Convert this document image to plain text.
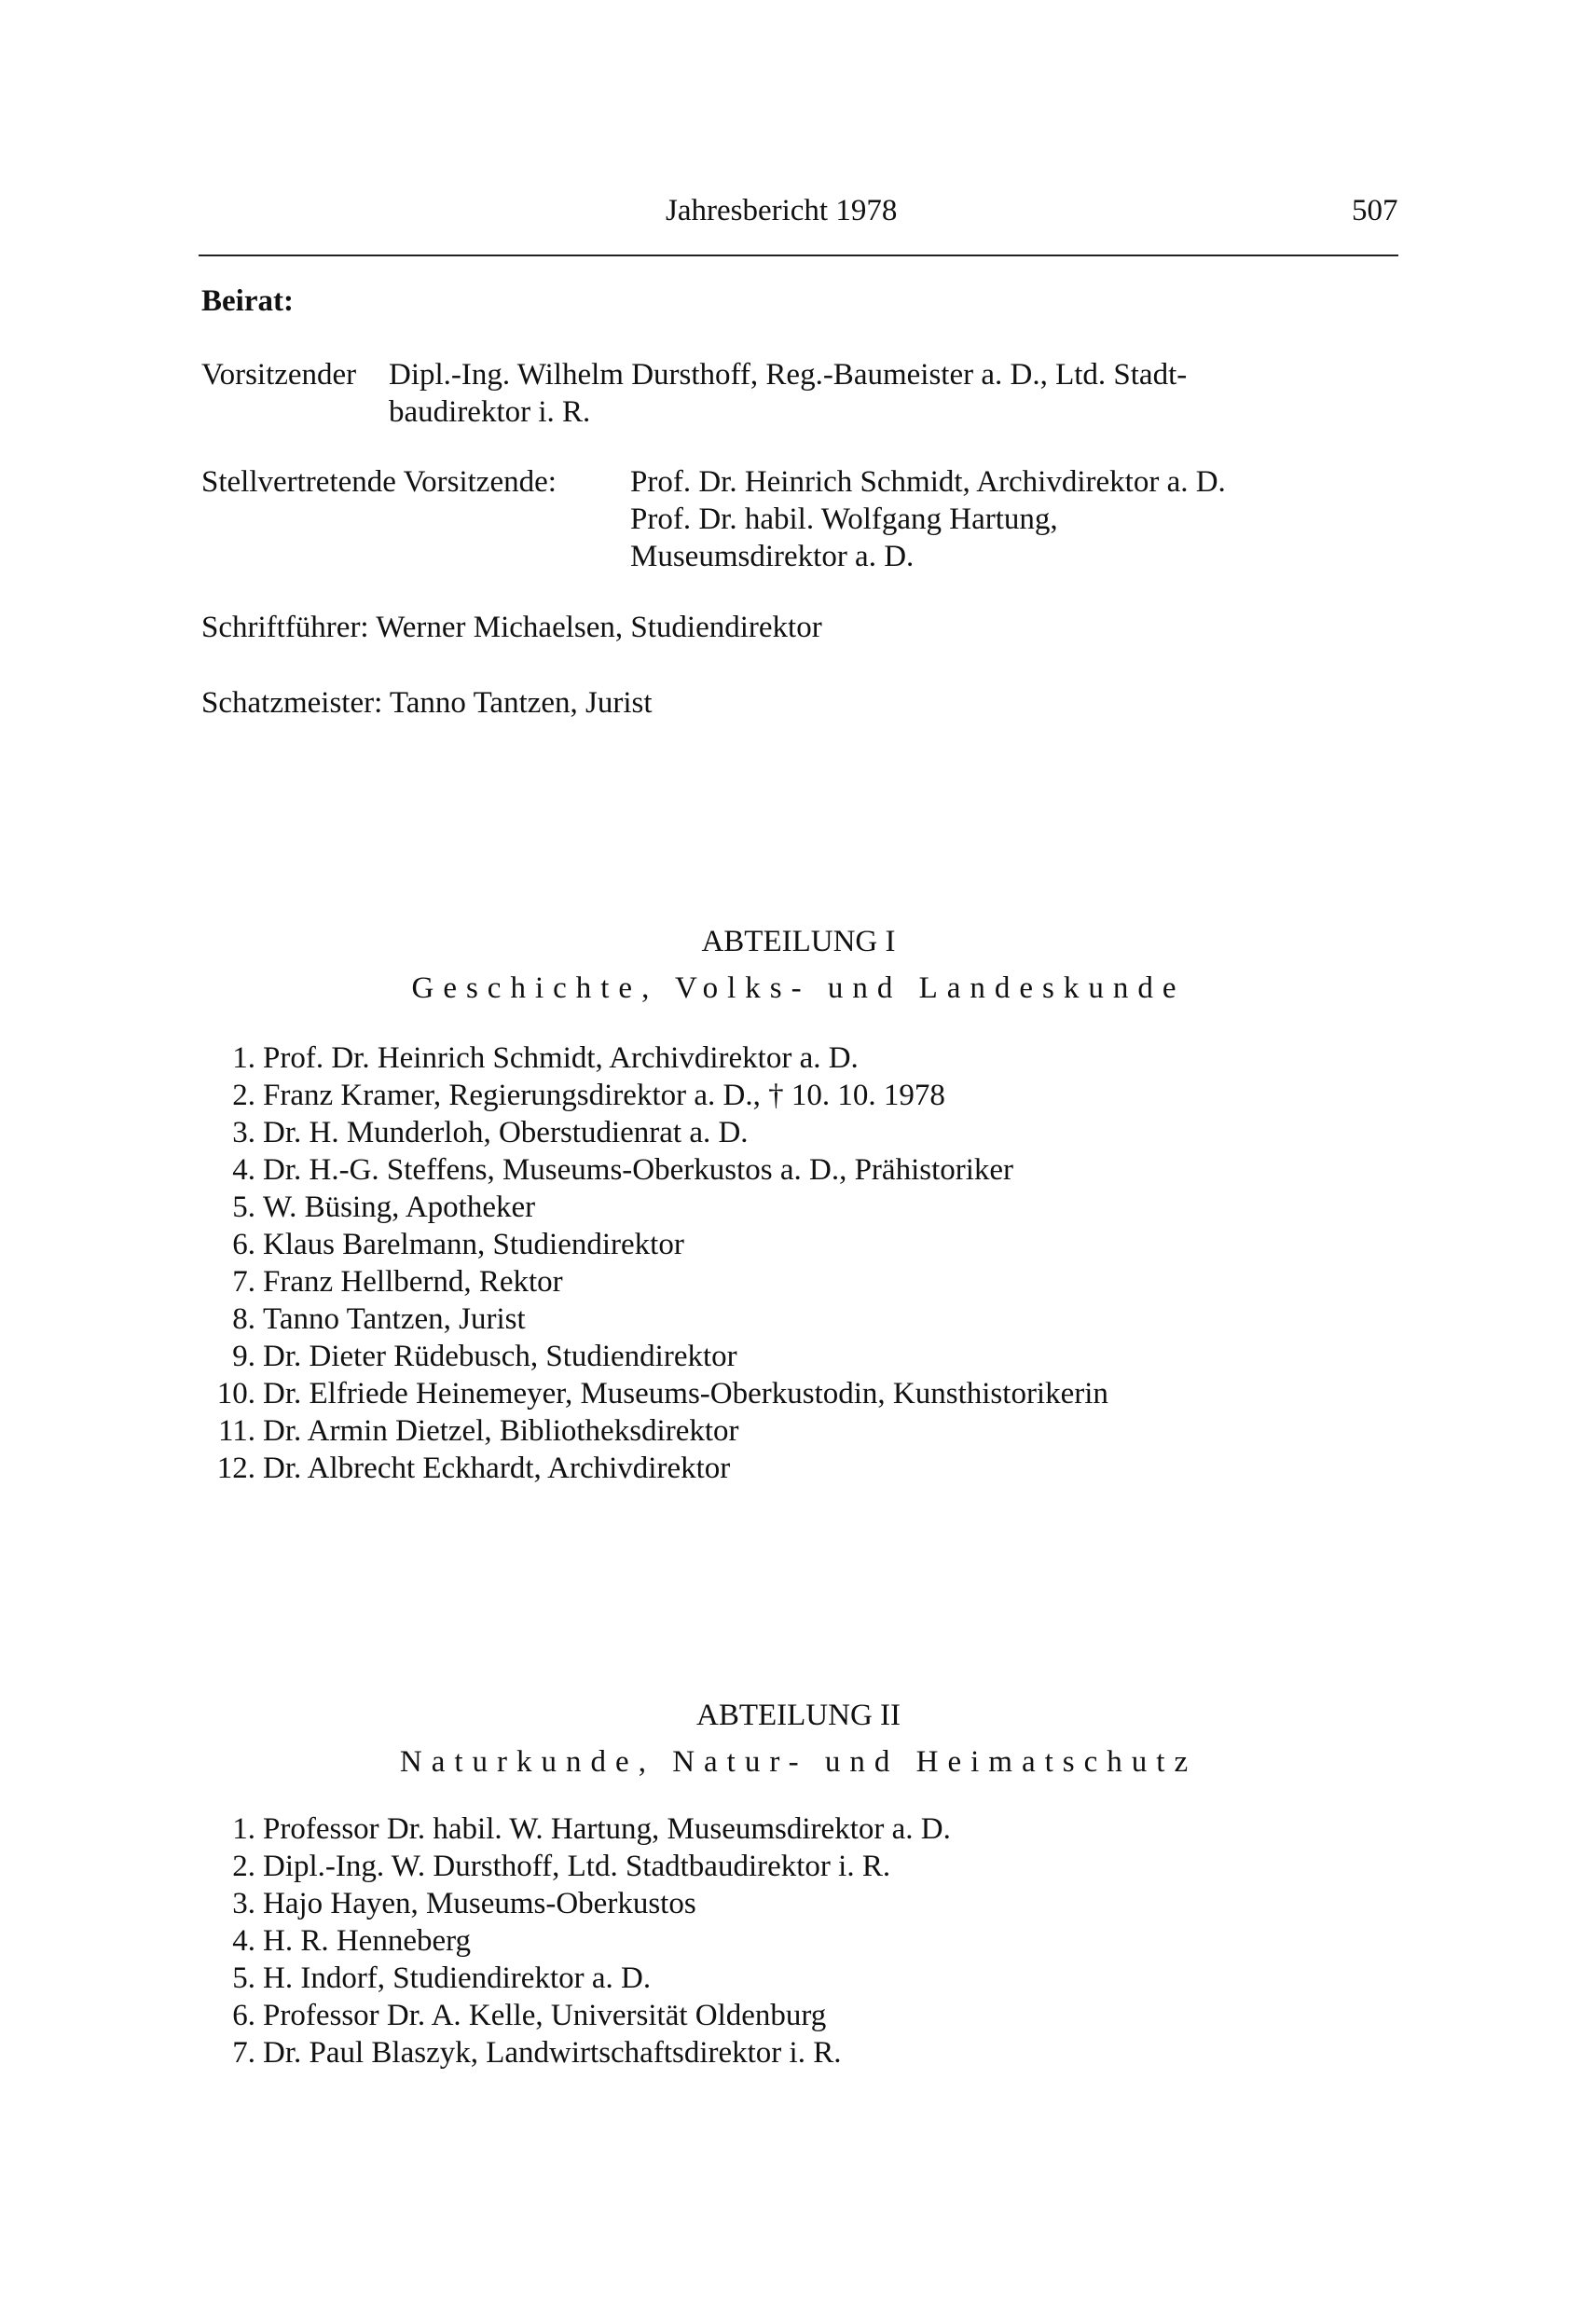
Jahresbericht 1978	507
Beirat:
Vorsitzender Dipl.-Ing. Wilhelm Dursthoff, Reg.-Baumeister a. D., Ltd. Stadt-
baudirektor i. R.
Stellvertretende Vorsitzende: Prof. Dr. Heinrich Schmidt, Archivdirektor a. D.
Prof. Dr. habil. Wolfgang Hartung,
Museumsdirektor a. D.
Schriftführer: Werner Michaelsen, Studiendirektor
Schatzmeister: Tanno Tantzen, Jurist
ABTEILUNG I
Geschichte, Volks- und Landeskunde
1. Prof. Dr. Heinrich Schmidt, Archivdirektor a. D.
2. Franz Kramer, Regierungsdirektor a. D., † 10. 10. 1978
3. Dr. H. Munderloh, Oberstudienrat a. D.
4. Dr. H.-G. Steffens, Museums-Oberkustos a. D., Prähistoriker
5. W. Büsing, Apotheker
6. Klaus Barelmann, Studiendirektor
7. Franz Hellbernd, Rektor
8. Tanno Tantzen, Jurist
9. Dr. Dieter Rüdebusch, Studiendirektor
10. Dr. Elfriede Heinemeyer, Museums-Oberkustodin, Kunsthistorikerin
11. Dr. Armin Dietzel, Bibliotheksdirektor
12. Dr. Albrecht Eckhardt, Archivdirektor
ABTEILUNG II
Naturkunde, Natur- und Heimatschutz
1. Professor Dr. habil. W. Hartung, Museumsdirektor a. D.
2. Dipl.-Ing. W. Dursthoff, Ltd. Stadtbaudirektor i. R.
3. Hajo Hayen, Museums-Oberkustos
4. H. R. Henneberg
5. H. Indorf, Studiendirektor a. D.
6. Professor Dr. A. Kelle, Universität Oldenburg
7. Dr. Paul Blaszyk, Landwirtschaftsdirektor i. R.
